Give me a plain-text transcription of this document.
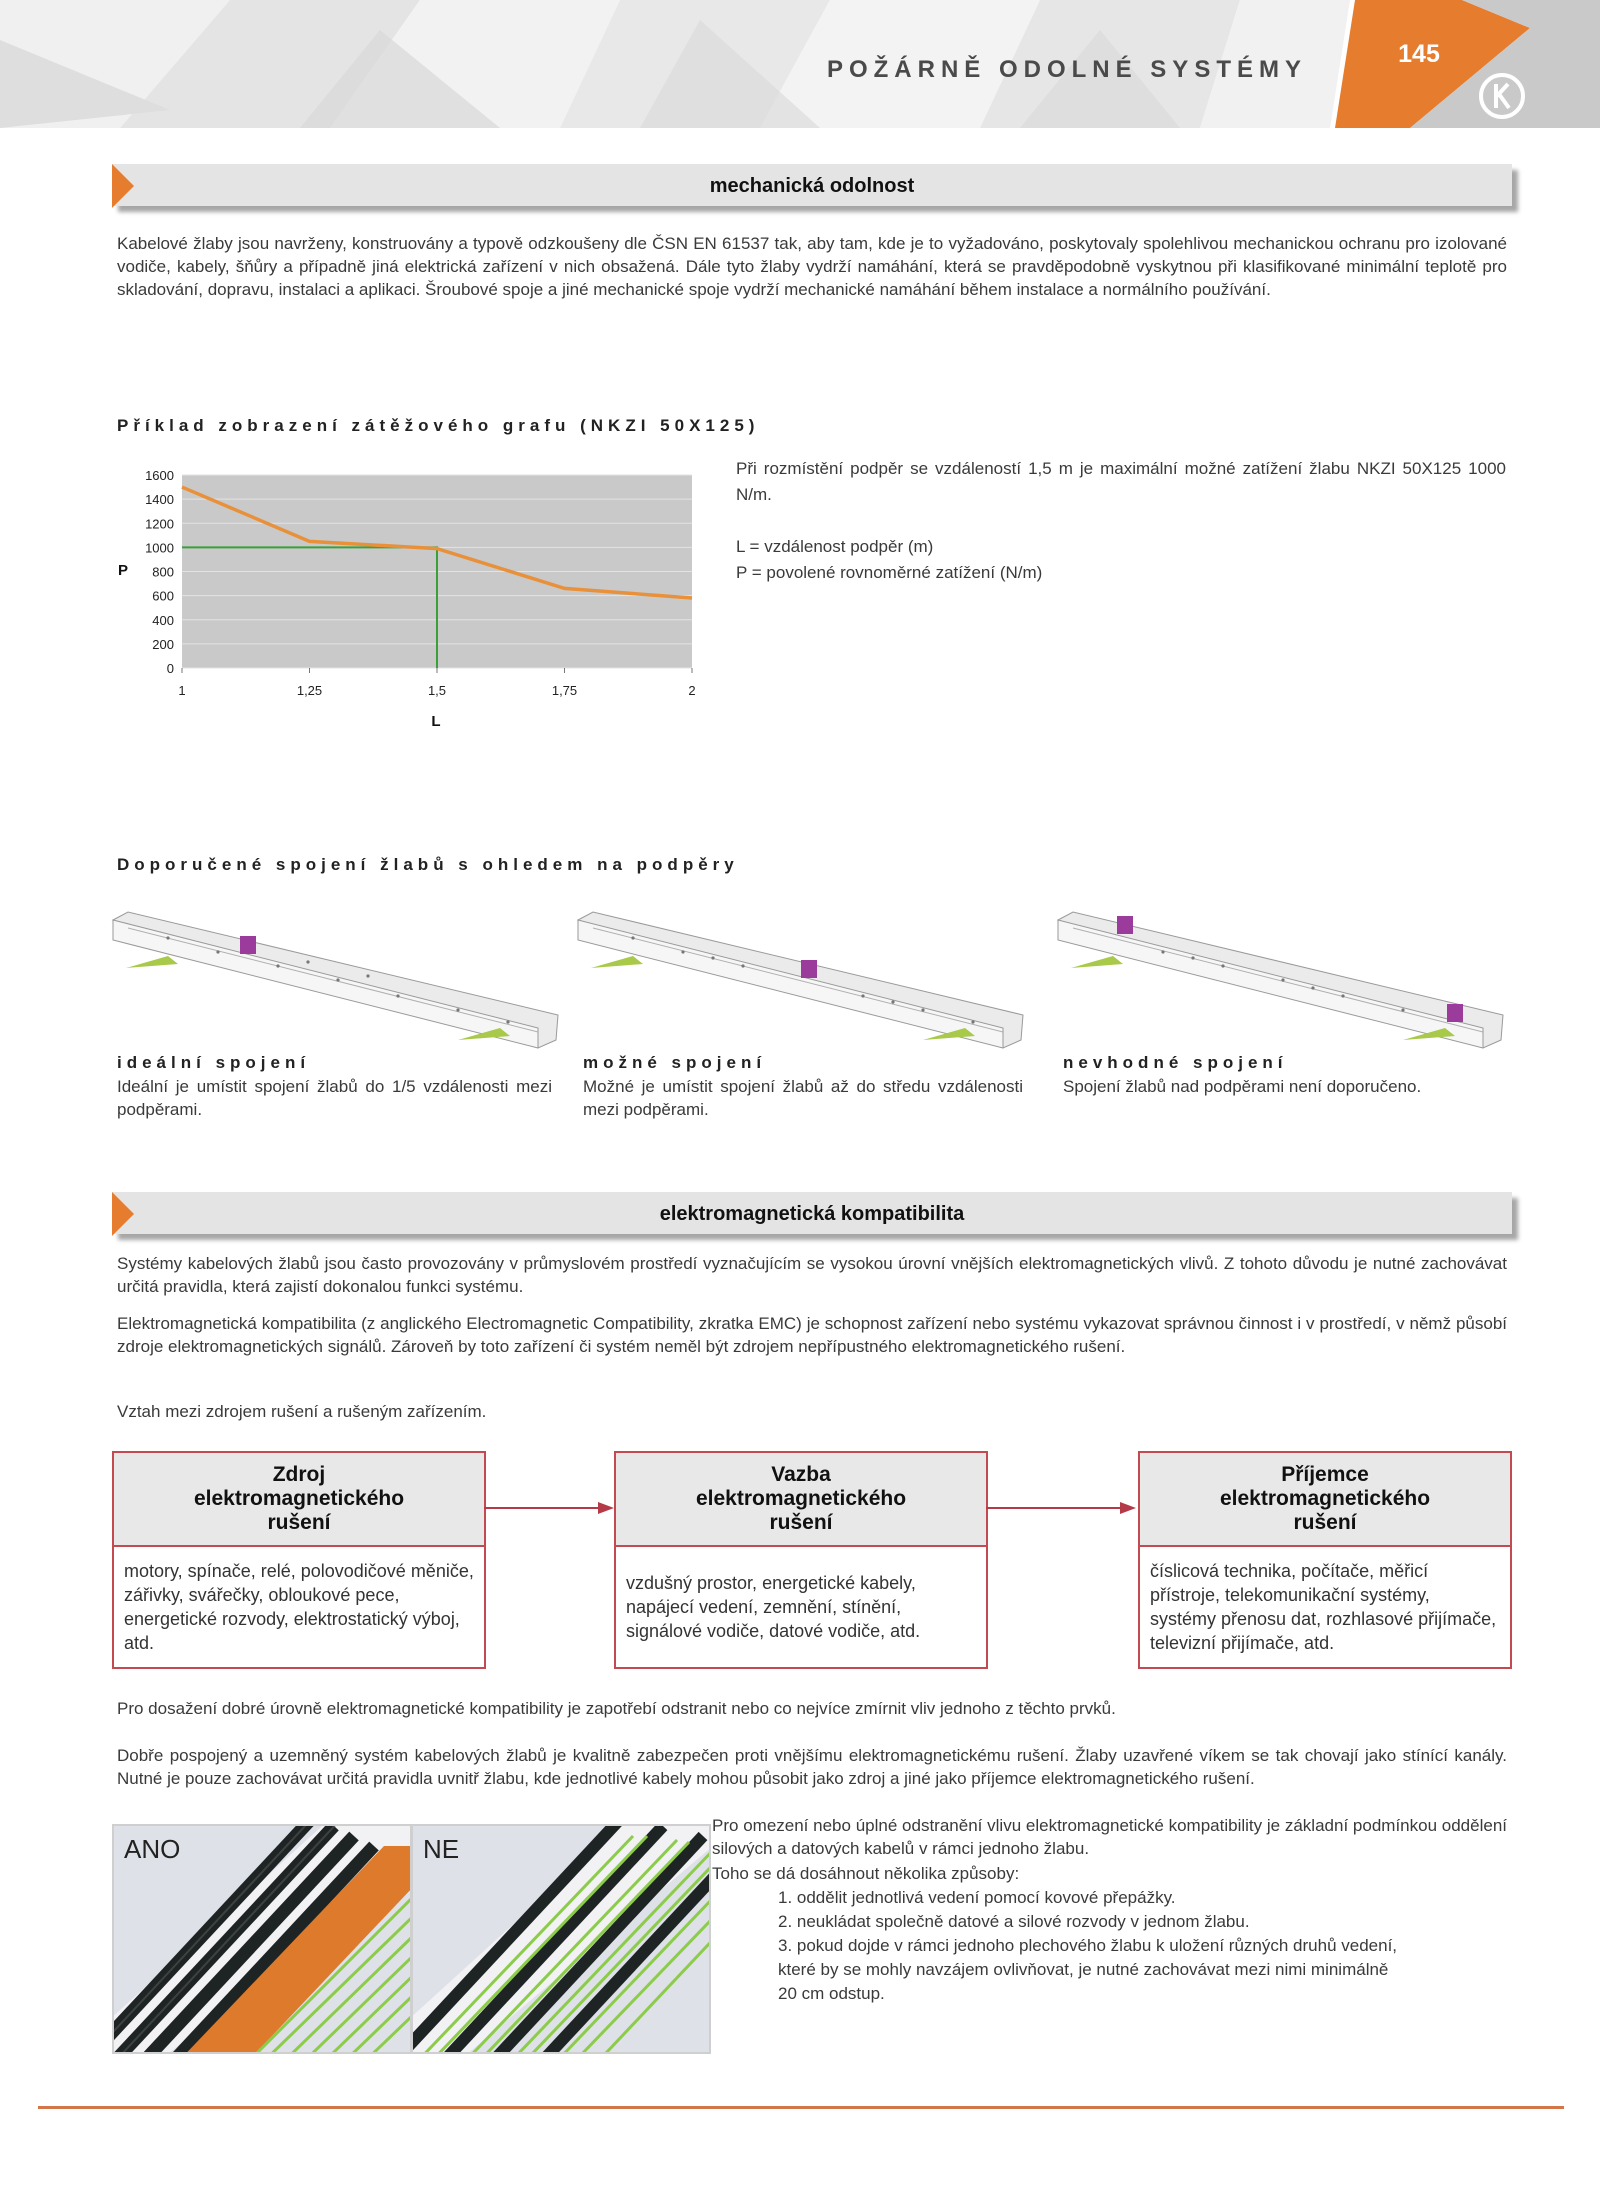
POŽÁRNĚ ODOLNÉ SYSTÉMY
145
mechanická odolnost
Kabelové žlaby jsou navrženy, konstruovány a typově odzkoušeny dle ČSN EN 61537 tak, aby tam, kde je to vyžadováno, poskytovaly spolehlivou mechanickou ochranu pro izolované vodiče, kabely, šňůry a případně jiná elektrická zařízení v nich obsažená. Dále tyto žlaby vydrží namáhání, která se pravděpodobně vyskytnou při klasifikované minimální teplotě pro skladování, dopravu, instalaci a aplikaci. Šroubové spoje a jiné mechanické spoje vydrží mechanické namáhání během instalace a normálního používání.
Příklad zobrazení zátěžového grafu (NKZI 50X125)
0
200
400
600
800
1000
1200
1400
1600
1	1,25	1,5	1,75	2
P
L
Při rozmístění podpěr se vzdáleností 1,5 m je maximální možné zatížení žlabu NKZI 50X125 1000 N/m.
L = vzdálenost podpěr (m)
P = povolené rovnoměrné zatížení (N/m)
Doporučené spojení žlabů s ohledem na podpěry
ideální spojení
Ideální je umístit spojení žlabů do 1/5 vzdálenosti mezi podpěrami.
možné spojení
Možné je umístit spojení žlabů až do středu vzdálenosti mezi podpěrami.
nevhodné spojení
Spojení žlabů nad podpěrami není doporučeno.
elektromagnetická kompatibilita
Systémy kabelových žlabů jsou často provozovány v průmyslovém prostředí vyznačujícím se vysokou úrovní vnějších elektromagnetických vlivů. Z tohoto důvodu je nutné zachovávat určitá pravidla, která zajistí dokonalou funkci systému.
Elektromagnetická kompatibilita (z anglického Electromagnetic Compatibility, zkratka EMC) je schopnost zařízení nebo systému vykazovat správnou činnost i v prostředí, v němž působí zdroje elektromagnetických signálů. Zároveň by toto zařízení či systém neměl být zdrojem nepřípustného elektromagnetického rušení.
Vztah mezi zdrojem rušení a rušeným zařízením.
Zdroj
elektromagnetického
rušení
motory, spínače, relé, polovodičové měniče, zářivky, svářečky, obloukové pece, energetické rozvody, elektrostatický výboj, atd.
Vazba
elektromagnetického
rušení
vzdušný prostor, energetické kabely, napájecí vedení, zemnění, stínění, signálové vodiče, datové vodiče, atd.
Příjemce
elektromagnetického
rušení
číslicová technika, počítače, měřicí přístroje, telekomunikační systémy, systémy přenosu dat, rozhlasové přijímače, televizní přijímače, atd.
Pro dosažení dobré úrovně elektromagnetické kompatibility je zapotřebí odstranit nebo co nejvíce zmírnit vliv jednoho z těchto prvků.
Dobře pospojený a uzemněný systém kabelových žlabů je kvalitně zabezpečen proti vnějšímu elektromagnetickému rušení. Žlaby uzavřené víkem se tak chovají jako stínící kanály. Nutné je pouze zachovávat určitá pravidla uvnitř žlabu, kde jednotlivé kabely mohou působit jako zdroj a jiné jako příjemce elektromagnetického rušení.
ANO	NE
Pro omezení nebo úplné odstranění vlivu elektromagnetické kompatibility je základní podmínkou oddělení silových a datových kabelů v rámci jednoho žlabu.
Toho se dá dosáhnout několika způsoby:
1. oddělit jednotlivá vedení pomocí kovové přepážky.
2. neukládat společně datové a silové rozvody v jednom žlabu.
3. pokud dojde v rámci jednoho plechového žlabu k uložení různých druhů vedení,
které by se mohly navzájem ovlivňovat, je nutné zachovávat mezi nimi minimálně
20 cm odstup.
